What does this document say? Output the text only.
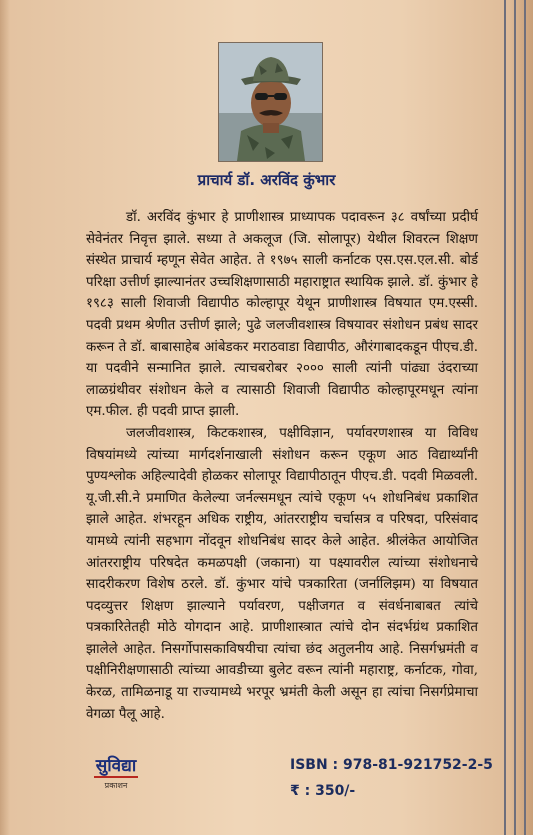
प्राचार्य डॉ. अरविंद कुंभार

डॉ. अरविंद कुंभार हे प्राणीशास्त्र प्राध्यापक पदावरून ३८ वर्षांच्या प्रदीर्घ सेवेनंतर निवृत्त झाले. सध्या ते अकलूज (जि. सोलापूर) येथील शिवरत्न शिक्षण संस्थेत प्राचार्य म्हणून सेवेत आहेत. ते १९७५ साली कर्नाटक एस.एस.एल.सी. बोर्ड परिक्षा उत्तीर्ण झाल्यानंतर उच्चशिक्षणासाठी महाराष्ट्रात स्थायिक झाले. डॉ. कुंभार हे १९८३ साली शिवाजी विद्यापीठ कोल्हापूर येथून प्राणीशास्त्र विषयात एम.एस्सी. पदवी प्रथम श्रेणीत उत्तीर्ण झाले; पुढे जलजीवशास्त्र विषयावर संशोधन प्रबंध सादर करून ते डॉ. बाबासाहेब आंबेडकर मराठवाडा विद्यापीठ, औरंगाबादकडून पीएच.डी. या पदवीने सन्मानित झाले. त्याचबरोबर २००० साली त्यांनी पांढ्या उंदराच्या लाळग्रंथीवर संशोधन केले व त्यासाठी शिवाजी विद्यापीठ कोल्हापूरमधून त्यांना एम.फील. ही पदवी प्राप्त झाली.

जलजीवशास्त्र, किटकशास्त्र, पक्षीविज्ञान, पर्यावरणशास्त्र या विविध विषयांमध्ये त्यांच्या मार्गदर्शनाखाली संशोधन करून एकूण आठ विद्यार्थ्यांनी पुण्यश्लोक अहिल्यादेवी होळकर सोलापूर विद्यापीठातून पीएच.डी. पदवी मिळवली. यू.जी.सी.ने प्रमाणित केलेल्या जर्नल्समधून त्यांचे एकूण ५५ शोधनिबंध प्रकाशित झाले आहेत. शंभरहून अधिक राष्ट्रीय, आंतरराष्ट्रीय चर्चासत्र व परिषदा, परिसंवाद यामध्ये त्यांनी सहभाग नोंदवून शोधनिबंध सादर केले आहेत. श्रीलंकेत आयोजित आंतरराष्ट्रीय परिषदेत कमळपक्षी (जकाना) या पक्ष्यावरील त्यांच्या संशोधनाचे सादरीकरण विशेष ठरले. डॉ. कुंभार यांचे पत्रकारिता (जर्नालिझम) या विषयात पदव्युत्तर शिक्षण झाल्याने पर्यावरण, पक्षीजगत व संवर्धनाबाबत त्यांचे पत्रकारितेतही मोठे योगदान आहे. प्राणीशास्त्रात त्यांचे दोन संदर्भग्रंथ प्रकाशित झालेले आहेत. निसर्गोपासकाविषयीचा त्यांचा छंद अतुलनीय आहे. निसर्गभ्रमंती व पक्षीनिरीक्षणासाठी त्यांच्या आवडीच्या बुलेट वरून त्यांनी महाराष्ट्र, कर्नाटक, गोवा, केरळ, तामिळनाडू या राज्यामध्ये भरपूर भ्रमंती केली असून हा त्यांचा निसर्गप्रेमाचा वेगळा पैलू आहे.

सुविद्या
प्रकाशन
ISBN : 978-81-921752-2-5
₹ : 350/-
